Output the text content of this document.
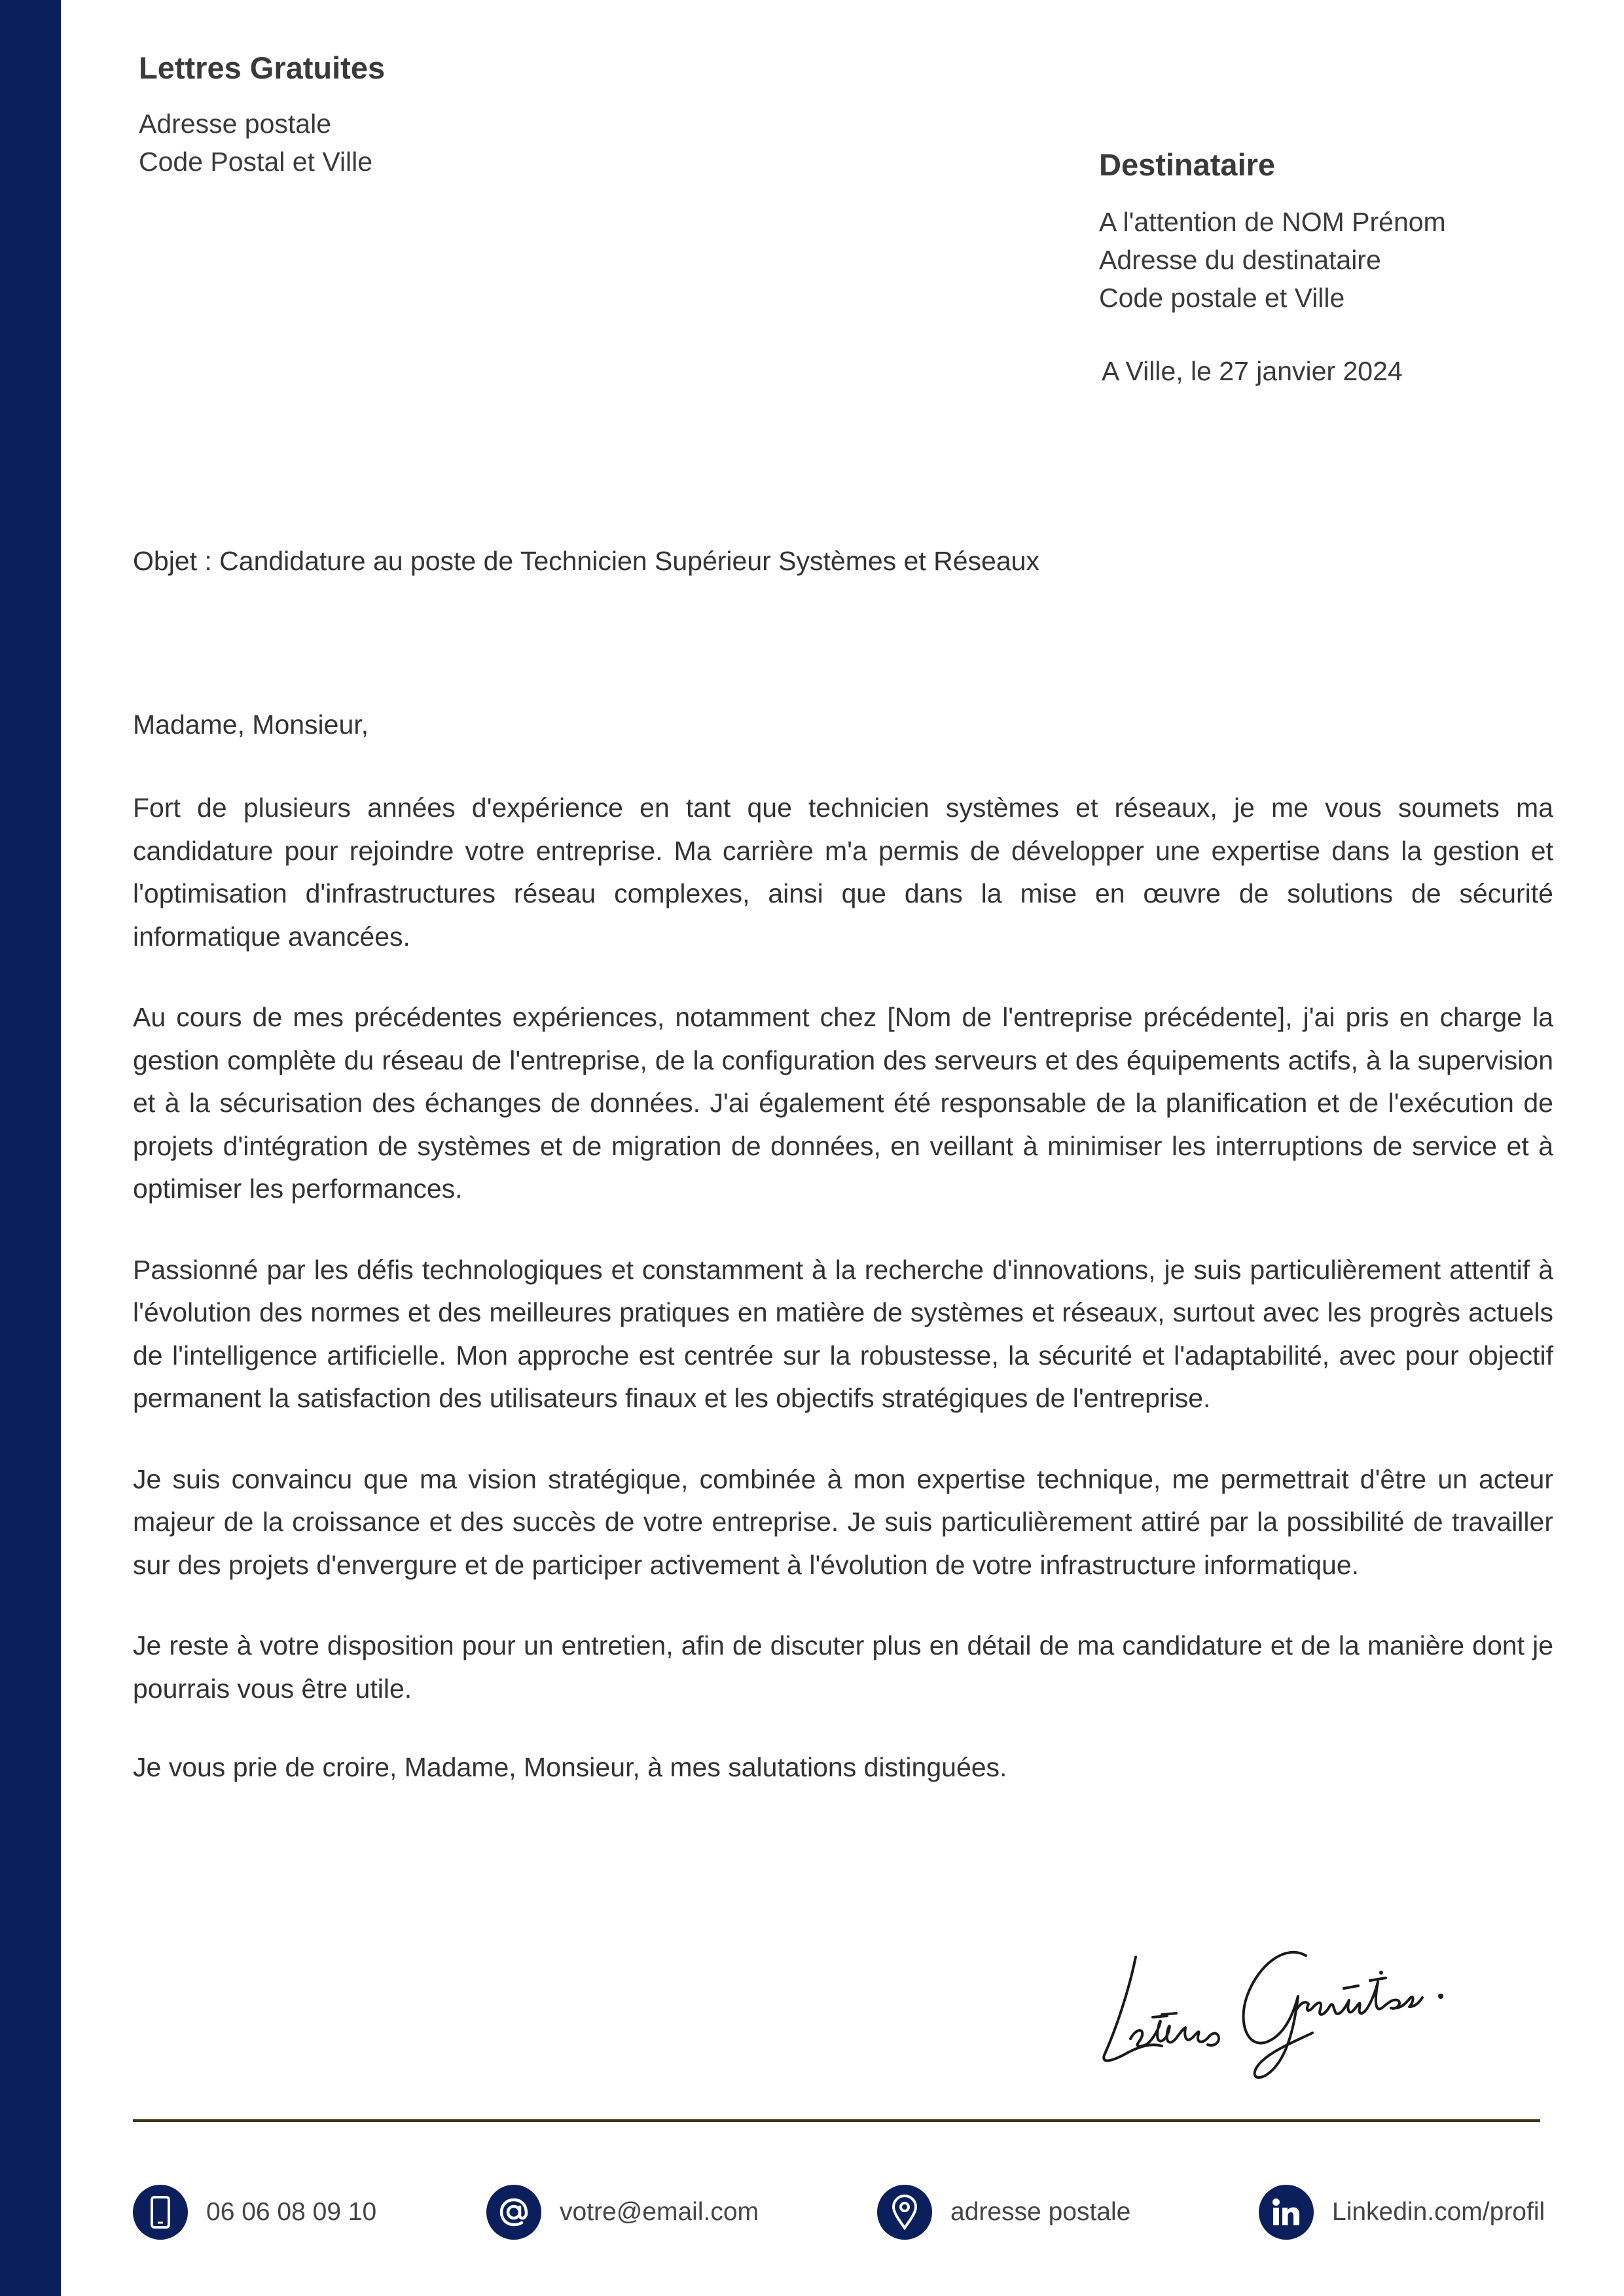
Lettres Gratuites
Adresse postale
Code Postal et Ville	Destinataire
A l'attention de NOM Prénom
Adresse du destinataire
Code postale et Ville
A Ville, le 27 janvier 2024
Objet : Candidature au poste de Technicien Supérieur Systèmes et Réseaux

Madame, Monsieur,

Fort de plusieurs années d'expérience en tant que technicien systèmes et réseaux, je me vous soumets ma candidature pour rejoindre votre entreprise. Ma carrière m'a permis de développer une expertise dans la gestion et l'optimisation d'infrastructures réseau complexes, ainsi que dans la mise en œuvre de solutions de sécurité informatique avancées.

Au cours de mes précédentes expériences, notamment chez [Nom de l'entreprise précédente], j'ai pris en charge la gestion complète du réseau de l'entreprise, de la configuration des serveurs et des équipements actifs, à la supervision et à la sécurisation des échanges de données. J'ai également été responsable de la planification et de l'exécution de projets d'intégration de systèmes et de migration de données, en veillant à minimiser les interruptions de service et à optimiser les performances.

Passionné par les défis technologiques et constamment à la recherche d'innovations, je suis particulièrement attentif à l'évolution des normes et des meilleures pratiques en matière de systèmes et réseaux, surtout avec les progrès actuels de l'intelligence artificielle. Mon approche est centrée sur la robustesse, la sécurité et l'adaptabilité, avec pour objectif permanent la satisfaction des utilisateurs finaux et les objectifs stratégiques de l'entreprise.

Je suis convaincu que ma vision stratégique, combinée à mon expertise technique, me permettrait d'être un acteur majeur de la croissance et des succès de votre entreprise. Je suis particulièrement attiré par la possibilité de travailler sur des projets d'envergure et de participer activement à l'évolution de votre infrastructure informatique.

Je reste à votre disposition pour un entretien, afin de discuter plus en détail de ma candidature et de la manière dont je pourrais vous être utile.

Je vous prie de croire, Madame, Monsieur, à mes salutations distinguées.

06 06 08 09 10	votre@email.com	adresse postale	Linkedin.com/profil
